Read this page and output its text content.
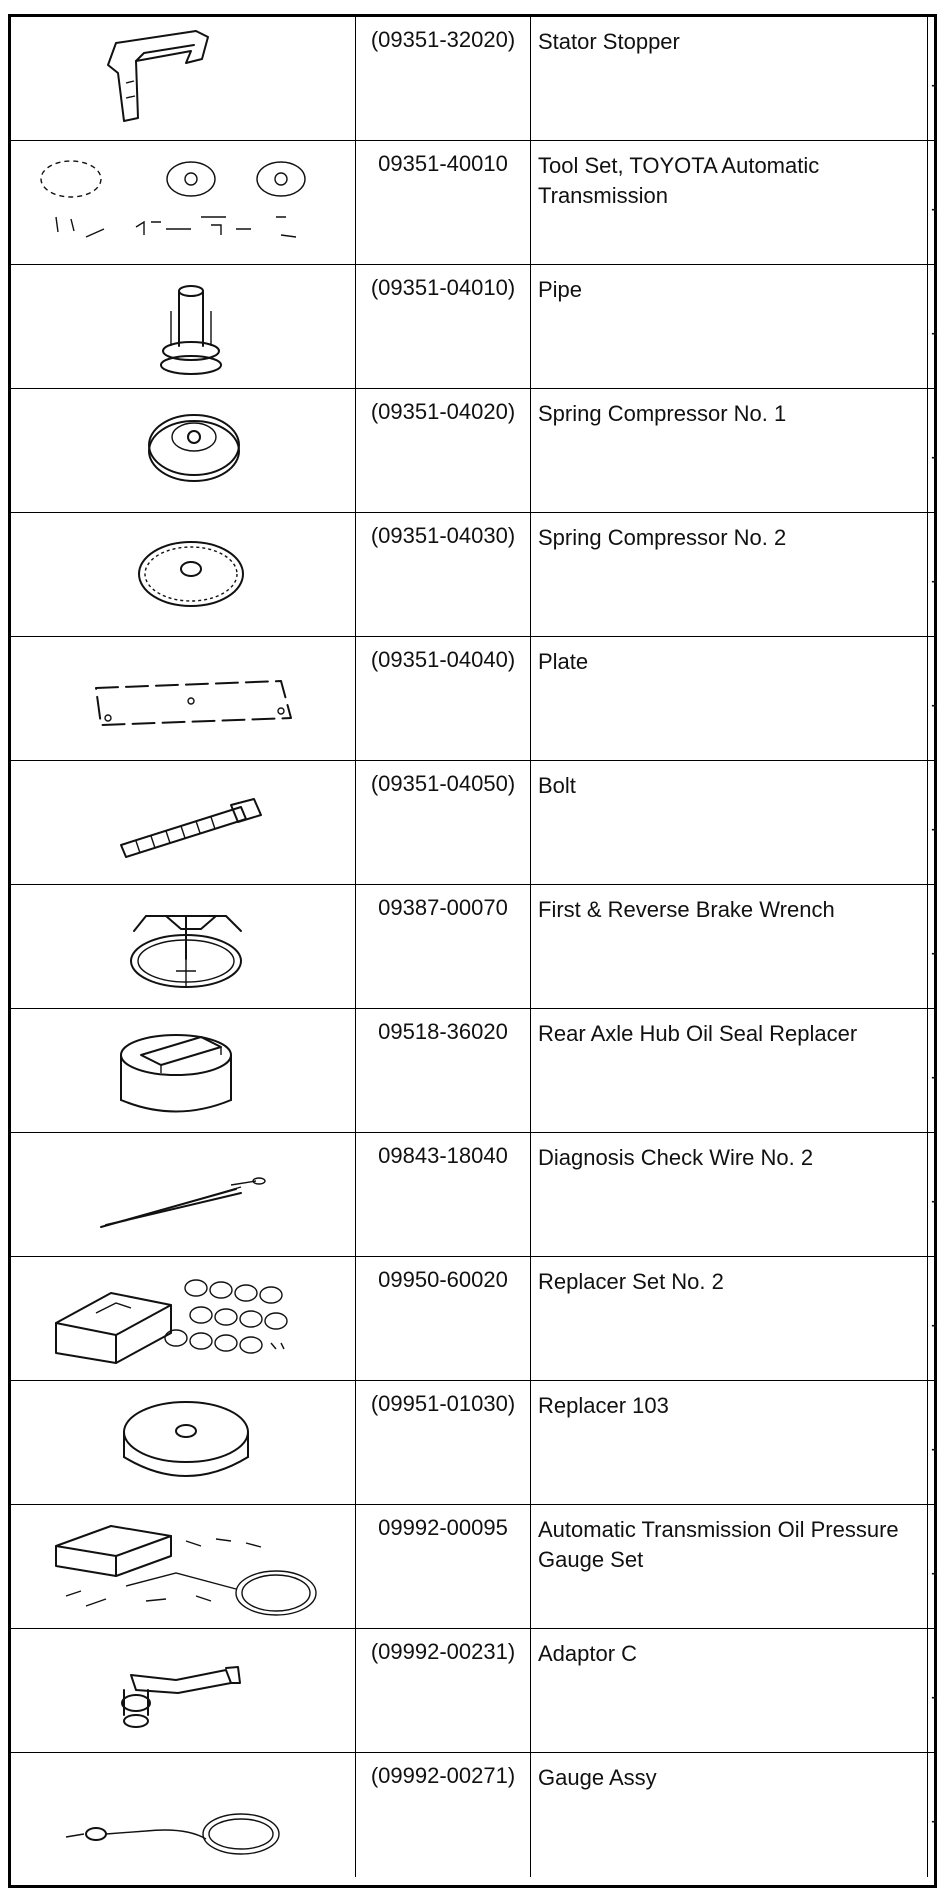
(09351-32020)	Stator Stopper
-
09351-40010	Tool Set, TOYOTA Automatic Transmission
-
(09351-04010)	Pipe
-
(09351-04020)	Spring Compressor No. 1
-
(09351-04030)	Spring Compressor No. 2
-
(09351-04040)	Plate
-
(09351-04050)	Bolt
-
09387-00070	First & Reverse Brake Wrench
-
09518-36020	Rear Axle Hub Oil Seal Replacer
-
09843-18040	Diagnosis Check Wire No. 2
-
09950-60020	Replacer Set No. 2
-
(09951-01030)	Replacer 103
-
09992-00095	Automatic Transmission Oil Pressure Gauge Set
-
(09992-00231)	Adaptor C
-
(09992-00271)	Gauge Assy
-
